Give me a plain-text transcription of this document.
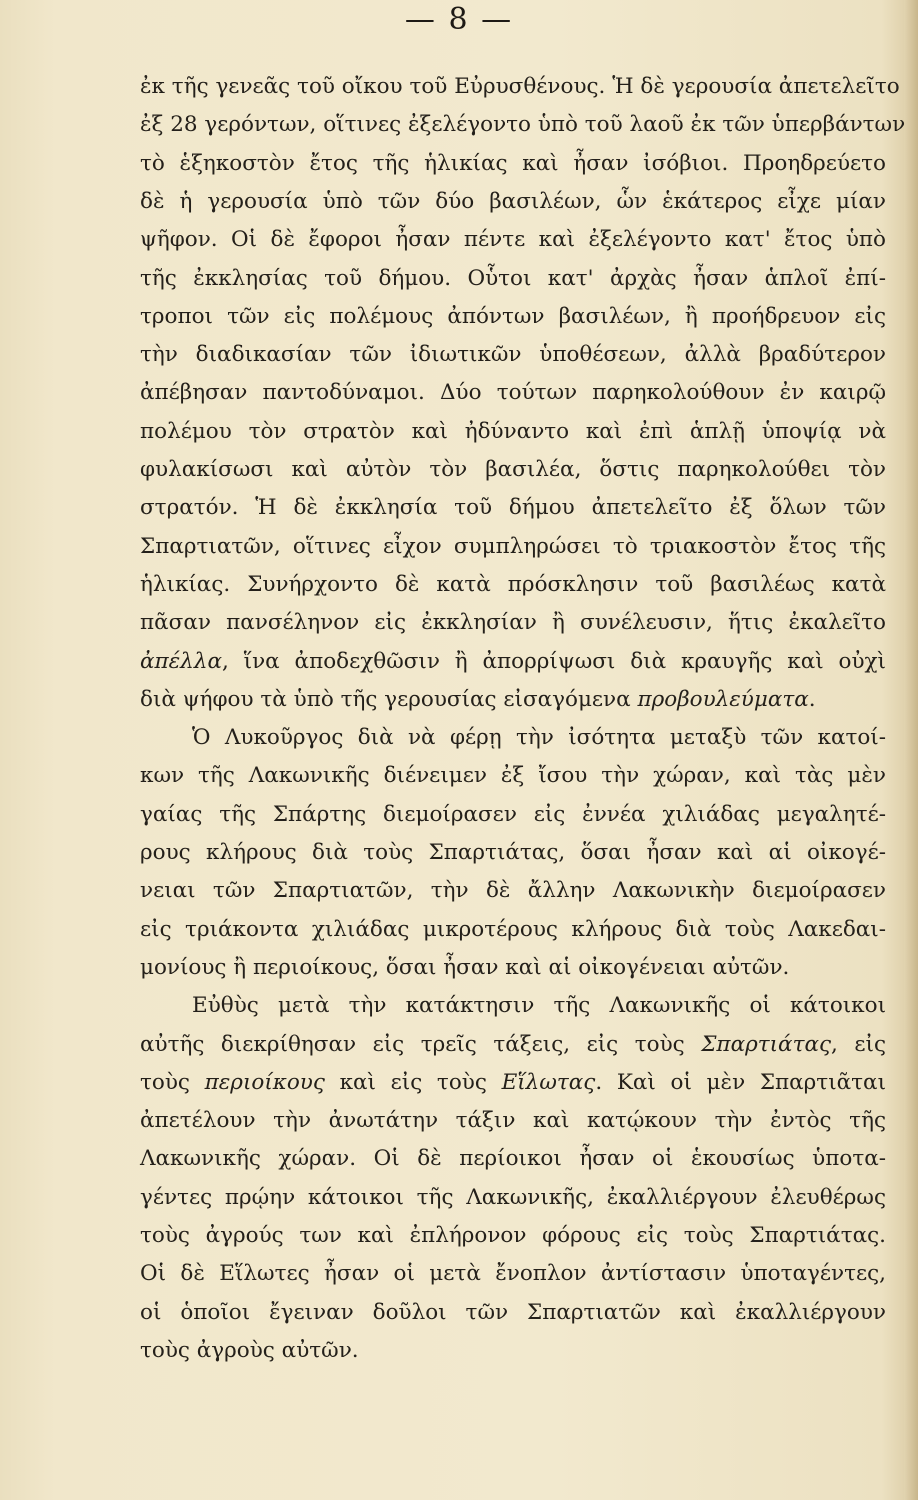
— 8 —
ἐκ τῆς γενεᾶς τοῦ οἴκου τοῦ Εὐρυσθένους. Ἡ δὲ γερουσία ἀπετελεῖτο
ἐξ 28 γερόντων, οἵτινες ἐξελέγοντο ὑπὸ τοῦ λαοῦ ἐκ τῶν ὑπερβάντων
τὸ ἑξηκοστὸν ἔτος τῆς ἡλικίας καὶ ἦσαν ἰσόβιοι. Προηδρεύετο
δὲ ἡ γερουσία ὑπὸ τῶν δύο βασιλέων, ὧν ἑκάτερος εἶχε μίαν
ψῆφον. Οἱ δὲ ἔφοροι ἦσαν πέντε καὶ ἐξελέγοντο κατ' ἔτος ὑπὸ
τῆς ἐκκλησίας τοῦ δήμου. Οὗτοι κατ' ἀρχὰς ἦσαν ἁπλοῖ ἐπί-
τροποι τῶν εἰς πολέμους ἀπόντων βασιλέων, ἢ προήδρευον εἰς
τὴν διαδικασίαν τῶν ἰδιωτικῶν ὑποθέσεων, ἀλλὰ βραδύτερον
ἀπέβησαν παντοδύναμοι. Δύο τούτων παρηκολούθουν ἐν καιρῷ
πολέμου τὸν στρατὸν καὶ ἠδύναντο καὶ ἐπὶ ἁπλῇ ὑποψίᾳ νὰ
φυλακίσωσι καὶ αὐτὸν τὸν βασιλέα, ὅστις παρηκολούθει τὸν
στρατόν. Ἡ δὲ ἐκκλησία τοῦ δήμου ἀπετελεῖτο ἐξ ὅλων τῶν
Σπαρτιατῶν, οἵτινες εἶχον συμπληρώσει τὸ τριακοστὸν ἔτος τῆς
ἡλικίας. Συνήρχοντο δὲ κατὰ πρόσκλησιν τοῦ βασιλέως κατὰ
πᾶσαν πανσέληνον εἰς ἐκκλησίαν ἢ συνέλευσιν, ἥτις ἐκαλεῖτο
ἀπέλλα, ἵνα ἀποδεχθῶσιν ἢ ἀπορρίψωσι διὰ κραυγῆς καὶ οὐχὶ
διὰ ψήφου τὰ ὑπὸ τῆς γερουσίας εἰσαγόμενα προβουλεύματα.
Ὁ Λυκοῦργος διὰ νὰ φέρῃ τὴν ἰσότητα μεταξὺ τῶν κατοί-
κων τῆς Λακωνικῆς διένειμεν ἐξ ἴσου τὴν χώραν, καὶ τὰς μὲν
γαίας τῆς Σπάρτης διεμοίρασεν εἰς ἐννέα χιλιάδας μεγαλητέ-
ρους κλήρους διὰ τοὺς Σπαρτιάτας, ὅσαι ἦσαν καὶ αἱ οἰκογέ-
νειαι τῶν Σπαρτιατῶν, τὴν δὲ ἄλλην Λακωνικὴν διεμοίρασεν
εἰς τριάκοντα χιλιάδας μικροτέρους κλήρους διὰ τοὺς Λακεδαι-
μονίους ἢ περιοίκους, ὅσαι ἦσαν καὶ αἱ οἰκογένειαι αὐτῶν.
Εὐθὺς μετὰ τὴν κατάκτησιν τῆς Λακωνικῆς οἱ κάτοικοι
αὐτῆς διεκρίθησαν εἰς τρεῖς τάξεις, εἰς τοὺς Σπαρτιάτας, εἰς
τοὺς περιοίκους καὶ εἰς τοὺς Εἵλωτας. Καὶ οἱ μὲν Σπαρτιᾶται
ἀπετέλουν τὴν ἀνωτάτην τάξιν καὶ κατῴκουν τὴν ἐντὸς τῆς
Λακωνικῆς χώραν. Οἱ δὲ περίοικοι ἦσαν οἱ ἑκουσίως ὑποτα-
γέντες πρῴην κάτοικοι τῆς Λακωνικῆς, ἐκαλλιέργουν ἐλευθέρως
τοὺς ἀγρούς των καὶ ἐπλήρονον φόρους εἰς τοὺς Σπαρτιάτας.
Οἱ δὲ Εἵλωτες ἦσαν οἱ μετὰ ἔνοπλον ἀντίστασιν ὑποταγέντες,
οἱ ὁποῖοι ἔγειναν δοῦλοι τῶν Σπαρτιατῶν καὶ ἐκαλλιέργουν
τοὺς ἀγροὺς αὐτῶν.
